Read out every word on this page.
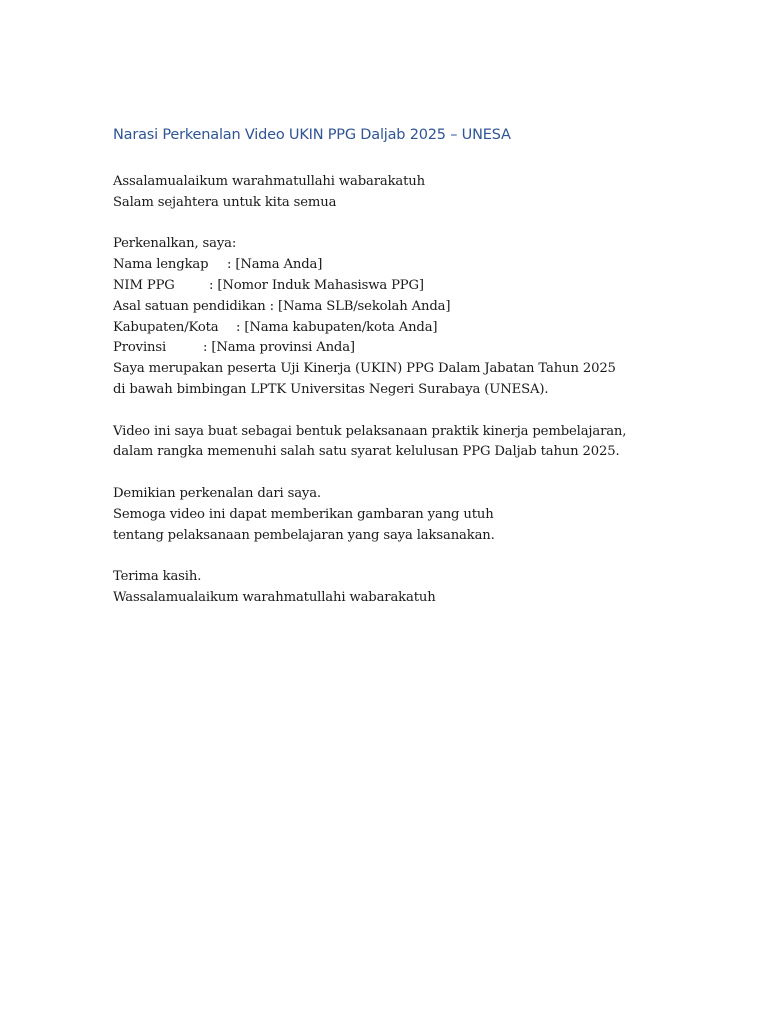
Narasi Perkenalan Video UKIN PPG Daljab 2025 – UNESA
Assalamualaikum warahmatullahi wabarakatuh
Salam sejahtera untuk kita semua
Perkenalkan, saya:
Nama lengkap : [Nama Anda]
NIM PPG	: [Nomor Induk Mahasiswa PPG]
Asal satuan pendidikan : [Nama SLB/sekolah Anda]
Kabupaten/Kota : [Nama kabupaten/kota Anda]
Provinsi	: [Nama provinsi Anda]
Saya merupakan peserta Uji Kinerja (UKIN) PPG Dalam Jabatan Tahun 2025
di bawah bimbingan LPTK Universitas Negeri Surabaya (UNESA).
Video ini saya buat sebagai bentuk pelaksanaan praktik kinerja pembelajaran,
dalam rangka memenuhi salah satu syarat kelulusan PPG Daljab tahun 2025.
Demikian perkenalan dari saya.
Semoga video ini dapat memberikan gambaran yang utuh
tentang pelaksanaan pembelajaran yang saya laksanakan.
Terima kasih.
Wassalamualaikum warahmatullahi wabarakatuh
